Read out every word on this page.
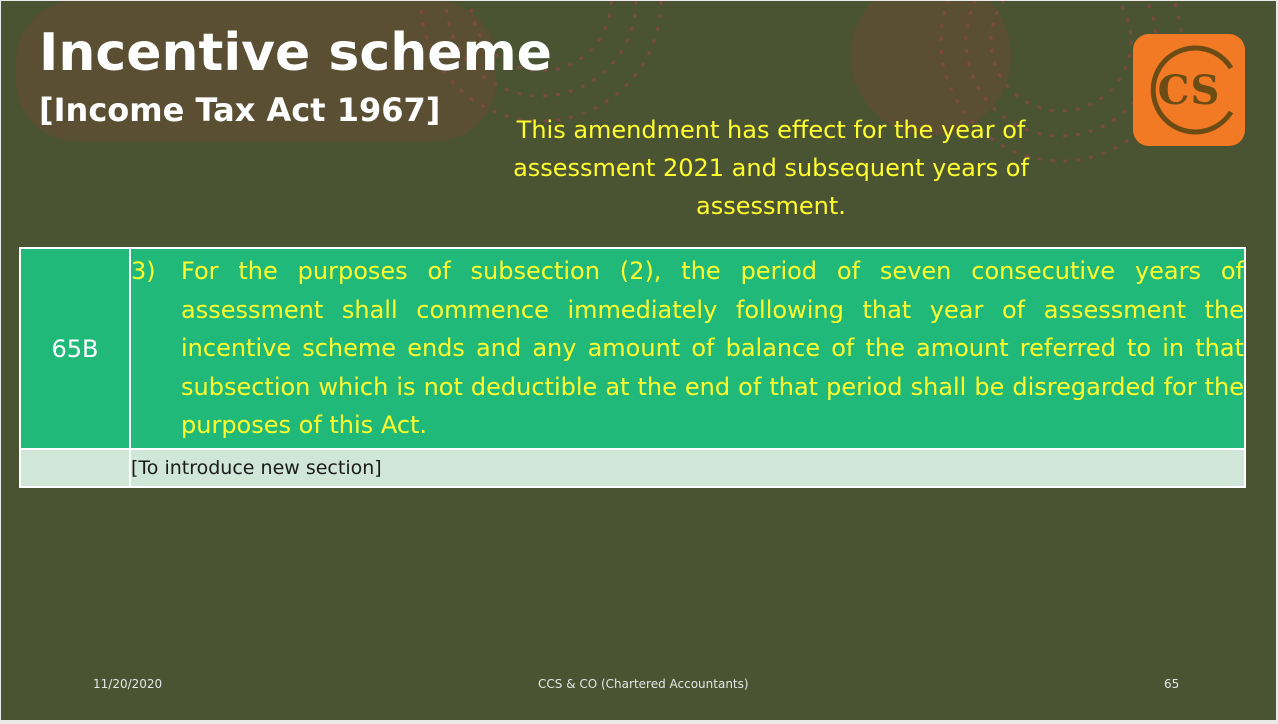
Incentive scheme
[Income Tax Act 1967]
This amendment has effect for the year of assessment 2021 and subsequent years of assessment.
CS
65B	3) For the purposes of subsection (2), the period of seven consecutive years of assessment shall commence immediately following that year of assessment the incentive scheme ends and any amount of balance of the amount referred to in that subsection which is not deductible at the end of that period shall be disregarded for the purposes of this Act.

	[To introduce new section]
11/20/2020	CCS & CO (Chartered Accountants)	65
